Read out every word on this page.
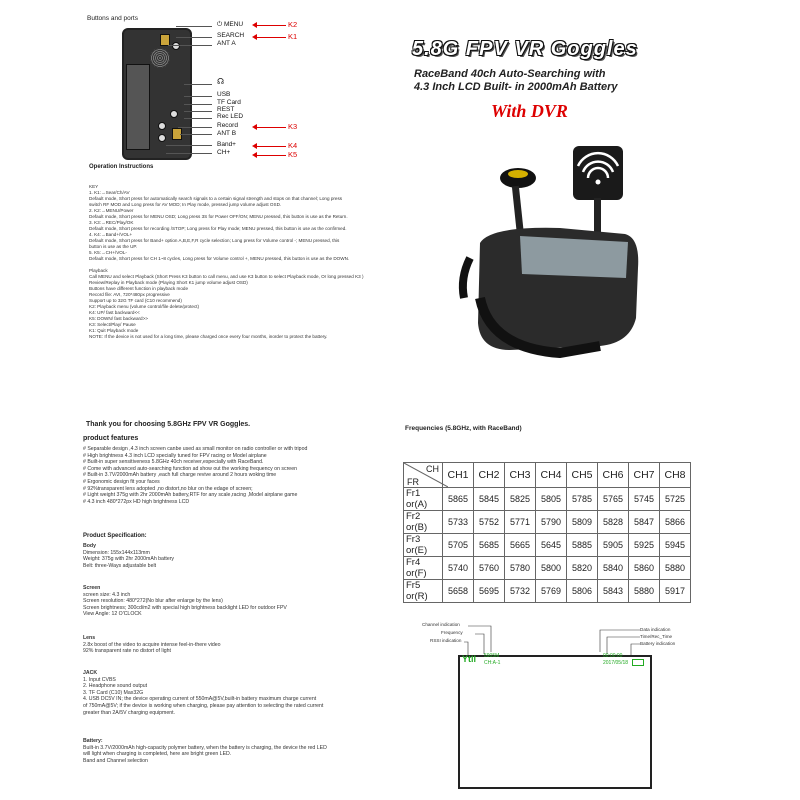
Buttons and ports
⏻ MENU
SEARCH
ANT A
☊
USB
TF Card
REST
Rec LED
Record
ANT B
Band+
CH+
K2
K1
K3
K4
K5
5.8G FPV VR Goggles
RaceBand 40ch Auto-Searching with
4.3 Inch LCD Built- in 2000mAh Battery
With DVR
Operation Instructions
KEY
1. K1:→Sear/Ch/AV
Default mode, Short press for automatically search signals to a certain signal strength and stops on that channel; Long press
switch RF MOD and Long press for AV MOD; In Play mode, pressed jump volume adjust OSD.
2. K2:→MENU/Power
Default mode, Short press for MENU OSD; Long press 3S for Power OFF/ON; MENU pressed, this button is use as the Return.
3. K3:→REC/Play/OK
Default mode, Short press for recording /STOP; Long press for Play mode; MENU pressed, this button is use as the confirmed.
4. K4:→Band+/VOL+
Default mode, Short press for Band+ option A,B,E,F,R cycle selection; Long press for Volume control -; MENU pressed, this
button is use as the UP.
5. K5:→CH+/VOL-
Default mode, Short press for CH 1~8 cycles, Long press for Volume control +, MENU pressed, this button is use as the DOWN.
Playback
Call MENU and select Playback (Short Press K3 button to call menu, and use K3 button to select Playback mode, Or long pressed K3 )
Review/Replay in Playback mode (Playing Short K1 jump volume adjust OSD)
Buttons have different function in playback mode
Record file: AVI, 720*480px progressive
Support up to 32G TF card (C10 recommend)
K2: Playback menu (volume control/file delete/protect)
K4: UP/ fast backward<<
K5: DOWN/ fast backward>>
K3: Select/Play/ Pause
K1: Quit Playback mode
NOTE: If the device is not used for a long time, please charged once every four months, inorder to protect the battery.
Thank you for choosing 5.8GHz FPV VR Goggles.
product features
# Separable design ,4.3 inch screen canbe used as small monitor on radio controller or with tripod
# High brightness 4.3 inch LCD specially tuned for FPV racing or Model airplane
# Built-in super sensitiveness 5.8GHz 40ch receiver,especially with RaceBand.
# Come with advanced auto-searching function ad show out the working frequency on screen
# Built-in 3.7V/2000mAh battery ,each full charge revive around 2 hours woking time
# Ergonomic design fit your faces
# 92%transparent lens adopted ,no distort,no blur on the edage of screen;
# Light weight 375g with 2hr 2000mAh battery,RTF for any scale,racing ,Model airplane game
# 4.3 inch 480*272px HD high brightness LCD
Product Specification:
Body
Dimension: 155x144x113mm
Weight: 375g with 2hr 2000mAh battery
Belt: three-Ways adjustable belt
Screen
screen size: 4.3 inch
Screen resolution: 480*272(No blur after enlarge by the lens)
Screen brightness; 300cd/m2 with special high brightness backlight LED for outdoor FPV
View Angle: 12 O'CLOCK
Lens
2.8x boost of the video to acquire intense feel-in-there video
92% transparent rate no distort of light
JACK
1. Input CVBS
2. Headphone sound output
3. TF Card (C10) Max32G
4. USB DC5V IN; the device operating current of 550mA@5V,built-in battery maximum charge current
of 750mA@5V; if the device is working when charging, please pay attention to selecting the rated current
greater than 2A/5V charging equipment.
Battery:
Built-in 3.7V/2000mAh high-capacity polymer battery, when the battery is charging, the device the red LED
will light when charging is completed, here are bright green LED.
Band and Channel selection
Frequencies (5.8GHz, with RaceBand)
CH
FR	CH1	CH2	CH3	CH4	CH5	CH6	CH7	CH8
Fr1 or(A)	5865	5845	5825	5805	5785	5765	5745	5725
Fr2 or(B)	5733	5752	5771	5790	5809	5828	5847	5866
Fr3 or(E)	5705	5685	5665	5645	5885	5905	5925	5945
Fr4 or(F)	5740	5760	5780	5800	5820	5840	5860	5880
Fr5 or(R)	5658	5695	5732	5769	5806	5843	5880	5917
Channel indication
Frequency
RSSI indication
Data indication
Time/Rec_Time
Battery indication
Ytll 5905M
CH:A-1
00:00:00
2017/05/18
